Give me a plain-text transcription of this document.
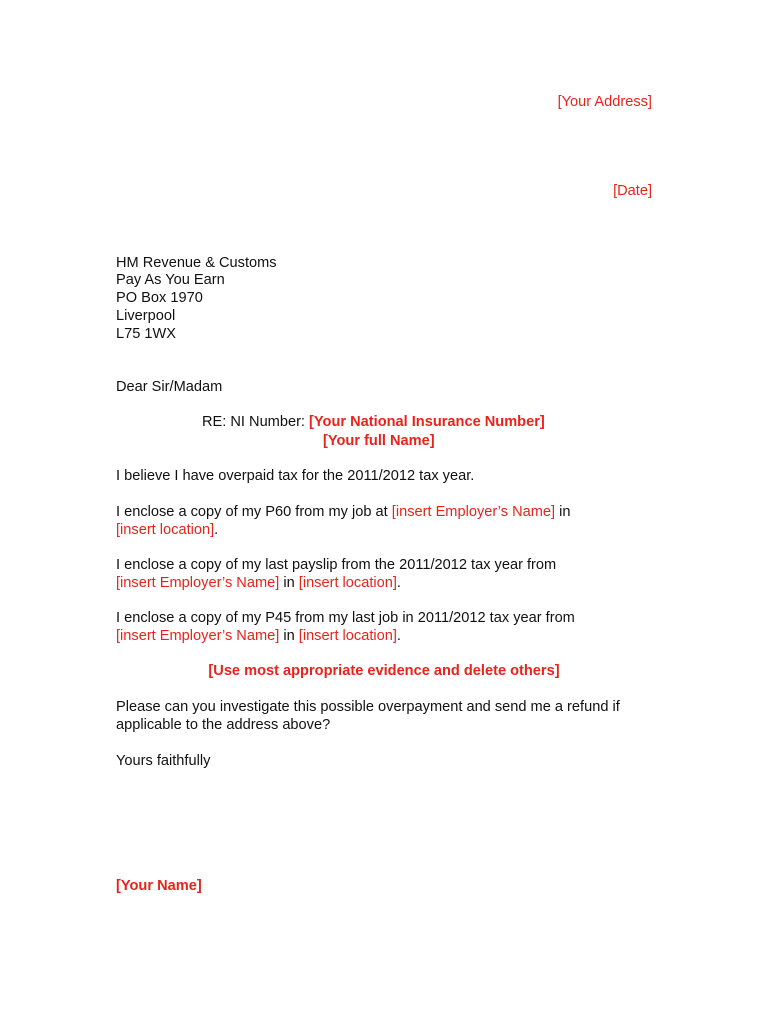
[Your Address]
[Date]
HM Revenue & Customs
Pay As You Earn
PO Box 1970
Liverpool
L75 1WX
Dear Sir/Madam
RE: NI Number: [Your National Insurance Number]
[Your full Name]
I believe I have overpaid tax for the 2011/2012 tax year.
I enclose a copy of my P60 from my job at [insert Employer’s Name] in
[insert location].
I enclose a copy of my last payslip from the 2011/2012 tax year from
[insert Employer’s Name] in [insert location].
I enclose a copy of my P45 from my last job in 2011/2012 tax year from
[insert Employer’s Name] in [insert location].
[Use most appropriate evidence and delete others]
Please can you investigate this possible overpayment and send me a refund if
applicable to the address above?
Yours faithfully
[Your Name]
